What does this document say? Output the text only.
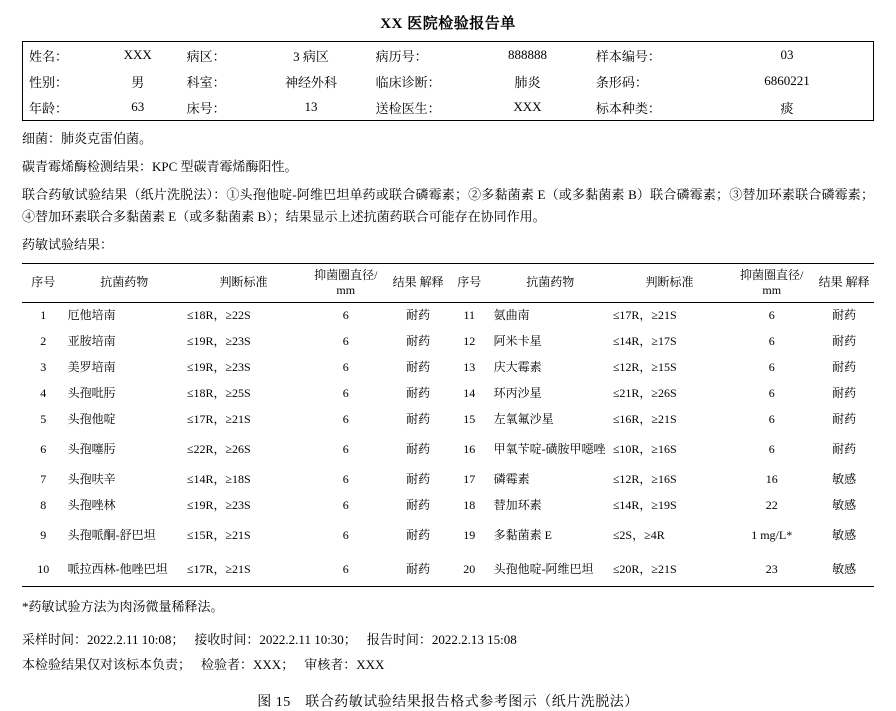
XX 医院检验报告单
姓名：	XXX	病区：	3 病区	病历号：	888888	样本编号：	03
性别：	男	科室：	神经外科	临床诊断：	肺炎	条形码：	6860221
年龄：	63	床号：	13	送检医生：	XXX	标本种类：	痰
细菌：肺炎克雷伯菌。
碳青霉烯酶检测结果：KPC 型碳青霉烯酶阳性。
联合药敏试验结果（纸片洗脱法）：①头孢他啶-阿维巴坦单药或联合磷霉素；②多黏菌素 E（或多黏菌素 B）联合磷霉素；③替加环素联合磷霉素；④替加环素联合多黏菌素 E（或多黏菌素 B）；结果显示上述抗菌药联合可能存在协同作用。
药敏试验结果：
序号	抗菌药物	判断标准	抑菌圈直径/ mm	结果 解释	序号	抗菌药物	判断标准	抑菌圈直径/ mm	结果 解释
1	厄他培南	≤18R，≥22S	6	耐药	11	氨曲南	≤17R，≥21S	6	耐药
2	亚胺培南	≤19R，≥23S	6	耐药	12	阿米卡星	≤14R，≥17S	6	耐药
3	美罗培南	≤19R，≥23S	6	耐药	13	庆大霉素	≤12R，≥15S	6	耐药
4	头孢吡肟	≤18R，≥25S	6	耐药	14	环丙沙星	≤21R，≥26S	6	耐药
5	头孢他啶	≤17R，≥21S	6	耐药	15	左氧氟沙星	≤16R，≥21S	6	耐药
6	头孢噻肟	≤22R，≥26S	6	耐药	16	甲氧苄啶-磺胺甲噁唑	≤10R，≥16S	6	耐药
7	头孢呋辛	≤14R，≥18S	6	耐药	17	磷霉素	≤12R，≥16S	16	敏感
8	头孢唑林	≤19R，≥23S	6	耐药	18	替加环素	≤14R，≥19S	22	敏感
9	头孢哌酮-舒巴坦	≤15R，≥21S	6	耐药	19	多黏菌素 E	≤2S，≥4R	1 mg/L*	敏感
10	哌拉西林-他唑巴坦	≤17R，≥21S	6	耐药	20	头孢他啶-阿维巴坦	≤20R，≥21S	23	敏感
*药敏试验方法为肉汤微量稀释法。
采样时间：2022.2.11 10:08； 接收时间：2022.2.11 10:30； 报告时间：2022.2.13 15:08
本检验结果仅对该标本负责； 检验者：XXX； 审核者：XXX
图 15　联合药敏试验结果报告格式参考图示（纸片洗脱法）
